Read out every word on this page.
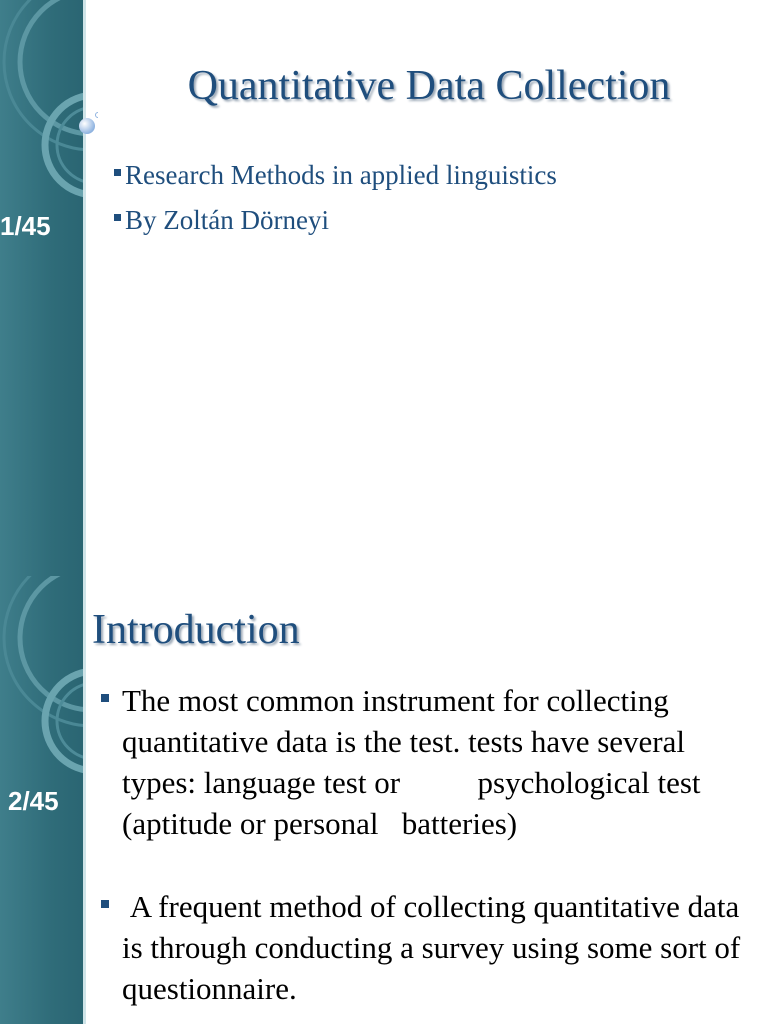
1/45
Quantitative Data Collection
Research Methods in applied linguistics
By Zoltán Dörneyi
2/45
Introduction
The most common instrument for collecting quantitative data is the test. tests have several types: language test or          psychological test (aptitude or personal   batteries)
A frequent method of collecting quantitative data is through conducting a survey using some sort of questionnaire.
